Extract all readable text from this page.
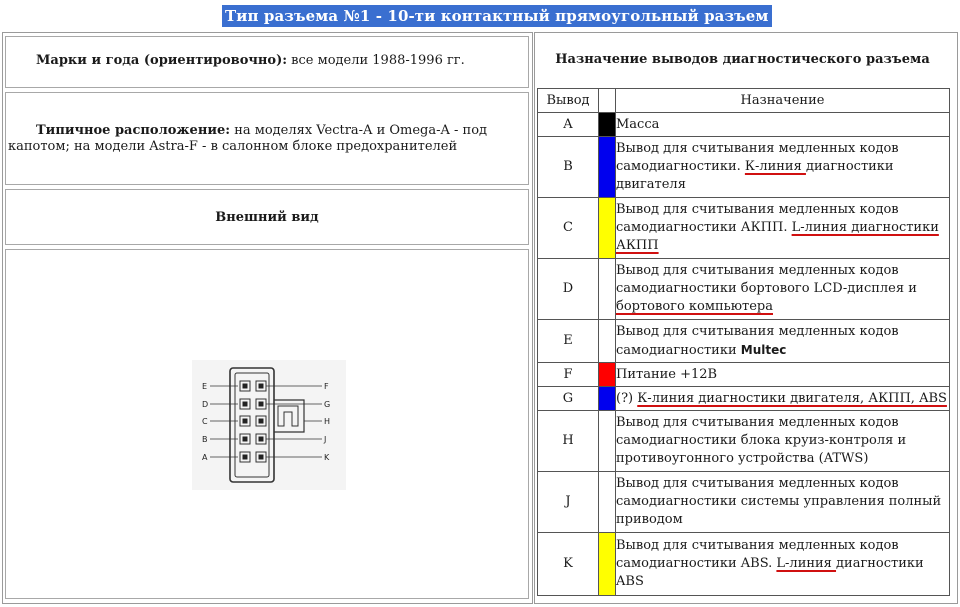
Тип разъема №1 - 10-ти контактный прямоугольный разъем
Марки и года (ориентировочно): все модели 1988-1996 гг.
Типичное расположение: на моделях Vectra-A и Omega-A - под капотом; на модели Astra-F - в салонном блоке предохранителей
Внешний вид
E
D
C
B
A
F
G
H
J
K
Назначение выводов диагностического разъема
Вывод		Назначение
A		Масса
B		Вывод для считывания медленных кодов самодиагностики. К-линия диагностики двигателя
C		Вывод для считывания медленных кодов самодиагностики АКПП. L-линия диагностики АКПП
D		Вывод для считывания медленных кодов самодиагностики бортового LCD-дисплея и бортового компьютера
E		Вывод для считывания медленных кодов самодиагностики Multec
F		Питание +12В
G		(?) К-линия диагностики двигателя, АКПП, ABS
H		Вывод для считывания медленных кодов самодиагностики блока круиз-контроля и противоугонного устройства (ATWS)
J		Вывод для считывания медленных кодов самодиагностики системы управления полный приводом
K		Вывод для считывания медленных кодов самодиагностики ABS. L-линия диагностики ABS
